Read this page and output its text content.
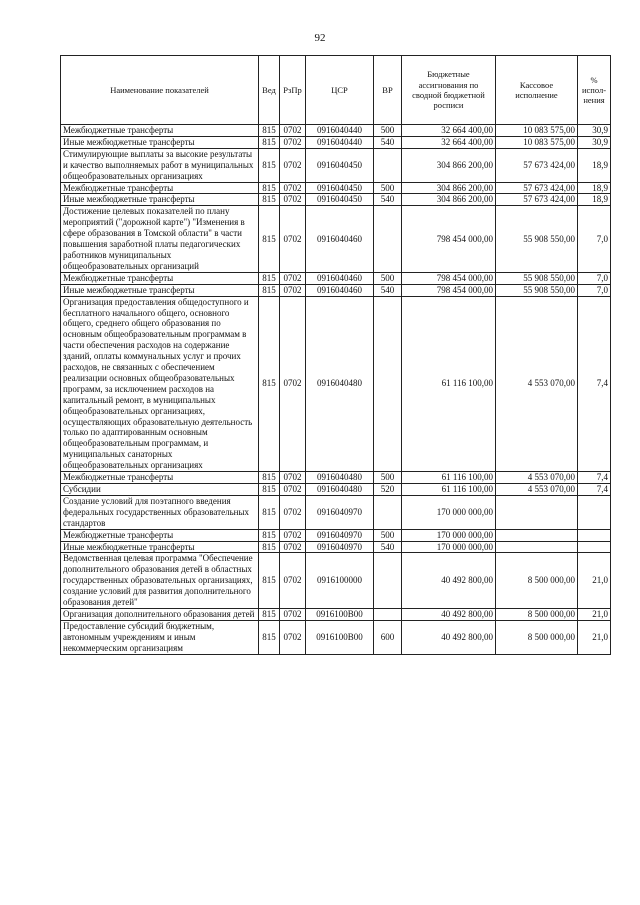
92
Наименование показателей	Вед	РзПр	ЦСР	ВР	Бюджетные ассигнования по сводной бюджетной росписи	Кассовое исполнение	% испол-нения
Межбюджетные трансферты	815	0702	0916040440	500	32 664 400,00	10 083 575,00	30,9
Иные межбюджетные трансферты	815	0702	0916040440	540	32 664 400,00	10 083 575,00	30,9
Стимулирующие выплаты за высокие результаты и качество выполняемых работ в муниципальных общеобразовательных организациях	815	0702	0916040450		304 866 200,00	57 673 424,00	18,9
Межбюджетные трансферты	815	0702	0916040450	500	304 866 200,00	57 673 424,00	18,9
Иные межбюджетные трансферты	815	0702	0916040450	540	304 866 200,00	57 673 424,00	18,9
Достижение целевых показателей по плану мероприятий ("дорожной карте") "Изменения в сфере образования в Томской области" в части повышения заработной платы педагогических работников муниципальных общеобразовательных организаций	815	0702	0916040460		798 454 000,00	55 908 550,00	7,0
Межбюджетные трансферты	815	0702	0916040460	500	798 454 000,00	55 908 550,00	7,0
Иные межбюджетные трансферты	815	0702	0916040460	540	798 454 000,00	55 908 550,00	7,0
Организация предоставления общедоступного и бесплатного начального общего, основного общего, среднего общего образования по основным общеобразовательным программам в части обеспечения расходов на содержание зданий, оплаты коммунальных услуг и прочих расходов, не связанных с обеспечением реализации основных общеобразовательных программ, за исключением расходов на капитальный ремонт, в муниципальных общеобразовательных организациях, осуществляющих образовательную деятельность только по адаптированным основным общеобразовательным программам, и муниципальных санаторных общеобразовательных организациях	815	0702	0916040480		61 116 100,00	4 553 070,00	7,4
Межбюджетные трансферты	815	0702	0916040480	500	61 116 100,00	4 553 070,00	7,4
Субсидии	815	0702	0916040480	520	61 116 100,00	4 553 070,00	7,4
Создание условий для поэтапного введения федеральных государственных образовательных стандартов	815	0702	0916040970		170 000 000,00		
Межбюджетные трансферты	815	0702	0916040970	500	170 000 000,00		
Иные межбюджетные трансферты	815	0702	0916040970	540	170 000 000,00		
Ведомственная целевая программа "Обеспечение дополнительного образования детей в областных государственных образовательных организациях, создание условий для развития дополнительного образования детей"	815	0702	0916100000		40 492 800,00	8 500 000,00	21,0
Организация дополнительного образования детей	815	0702	0916100В00		40 492 800,00	8 500 000,00	21,0
Предоставление субсидий бюджетным, автономным учреждениям и иным некоммерческим организациям	815	0702	0916100В00	600	40 492 800,00	8 500 000,00	21,0
